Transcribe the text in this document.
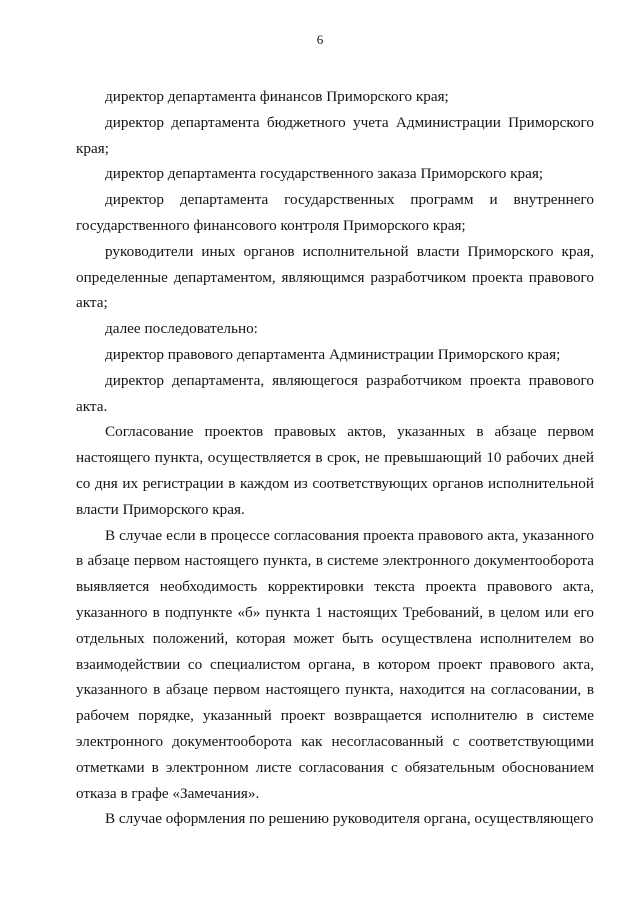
6

директор департамента финансов Приморского края;

директор департамента бюджетного учета Администрации Приморского края;

директор департамента государственного заказа Приморского края;

директор департамента государственных программ и внутреннего государственного финансового контроля Приморского края;

руководители иных органов исполнительной власти Приморского края, определенные департаментом, являющимся разработчиком проекта правового акта;

далее последовательно:

директор правового департамента Администрации Приморского края;

директор департамента, являющегося разработчиком проекта правового акта.

Согласование проектов правовых актов, указанных в абзаце первом настоящего пункта, осуществляется в срок, не превышающий 10 рабочих дней со дня их регистрации в каждом из соответствующих органов исполнительной власти Приморского края.

В случае если в процессе согласования проекта правового акта, указанного в абзаце первом настоящего пункта, в системе электронного документооборота выявляется необходимость корректировки текста проекта правового акта, указанного в подпункте «б» пункта 1 настоящих Требований, в целом или его отдельных положений, которая может быть осуществлена исполнителем во взаимодействии со специалистом органа, в котором проект правового акта, указанного в абзаце первом настоящего пункта, находится на согласовании, в рабочем порядке, указанный проект возвращается исполнителю в системе электронного документооборота как несогласованный с соответствующими отметками в электронном листе согласования с обязательным обоснованием отказа в графе «Замечания».

В случае оформления по решению руководителя органа, осуществляющего
